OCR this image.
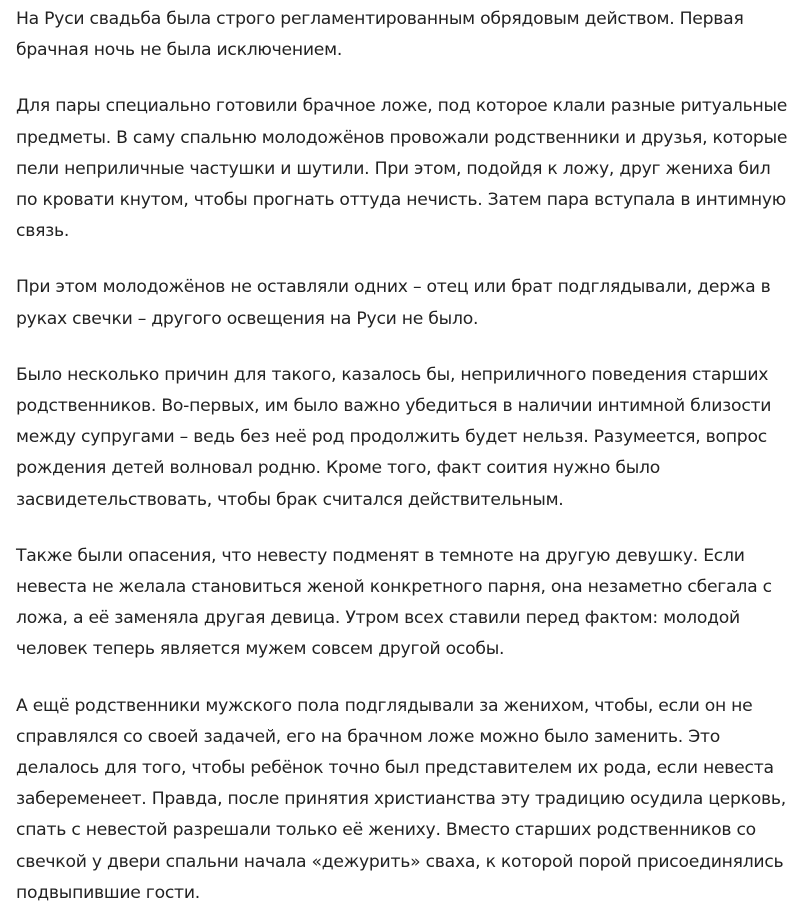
На Руси свадьба была строго регламентированным обрядовым действом. Первая брачная ночь не была исключением.

Для пары специально готовили брачное ложе, под которое клали разные ритуальные предметы. В саму спальню молодожёнов провожали родственники и друзья, которые пели неприличные частушки и шутили. При этом, подойдя к ложу, друг жениха бил по кровати кнутом, чтобы прогнать оттуда нечисть. Затем пара вступала в интимную связь.

При этом молодожёнов не оставляли одних – отец или брат подглядывали, держа в руках свечки – другого освещения на Руси не было.

Было несколько причин для такого, казалось бы, неприличного поведения старших родственников. Во-первых, им было важно убедиться в наличии интимной близости между супругами – ведь без неё род продолжить будет нельзя. Разумеется, вопрос рождения детей волновал родню. Кроме того, факт соития нужно было засвидетельствовать, чтобы брак считался действительным.

Также были опасения, что невесту подменят в темноте на другую девушку. Если невеста не желала становиться женой конкретного парня, она незаметно сбегала с ложа, а её заменяла другая девица. Утром всех ставили перед фактом: молодой человек теперь является мужем совсем другой особы.

А ещё родственники мужского пола подглядывали за женихом, чтобы, если он не справлялся со своей задачей, его на брачном ложе можно было заменить. Это делалось для того, чтобы ребёнок точно был представителем их рода, если невеста забеременеет. Правда, после принятия христианства эту традицию осудила церковь, спать с невестой разрешали только её жениху. Вместо старших родственников со свечкой у двери спальни начала «дежурить» сваха, к которой порой присоединялись подвыпившие гости.
